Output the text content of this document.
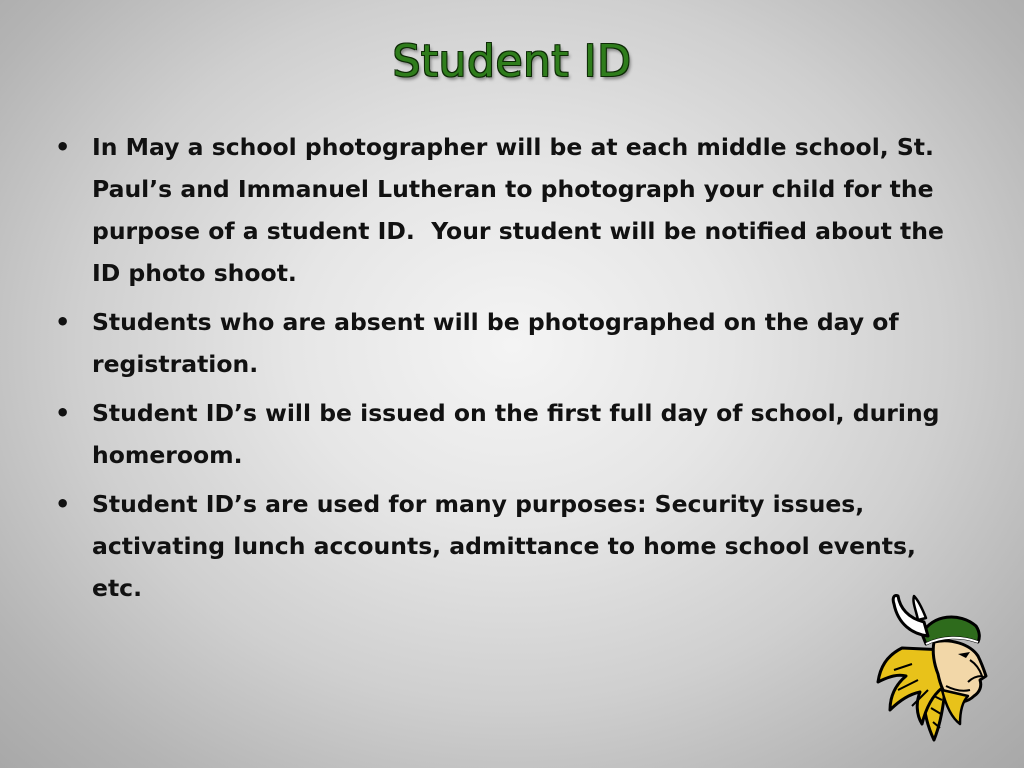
Student ID
• In May a school photographer will be at each middle school, St. Paul’s and Immanuel Lutheran to photograph your child for the purpose of a student ID.  Your student will be notified about the ID photo shoot.
• Students who are absent will be photographed on the day of registration.
• Student ID’s will be issued on the first full day of school, during homeroom.
• Student ID’s are used for many purposes: Security issues, activating lunch accounts, admittance to home school events, etc.
